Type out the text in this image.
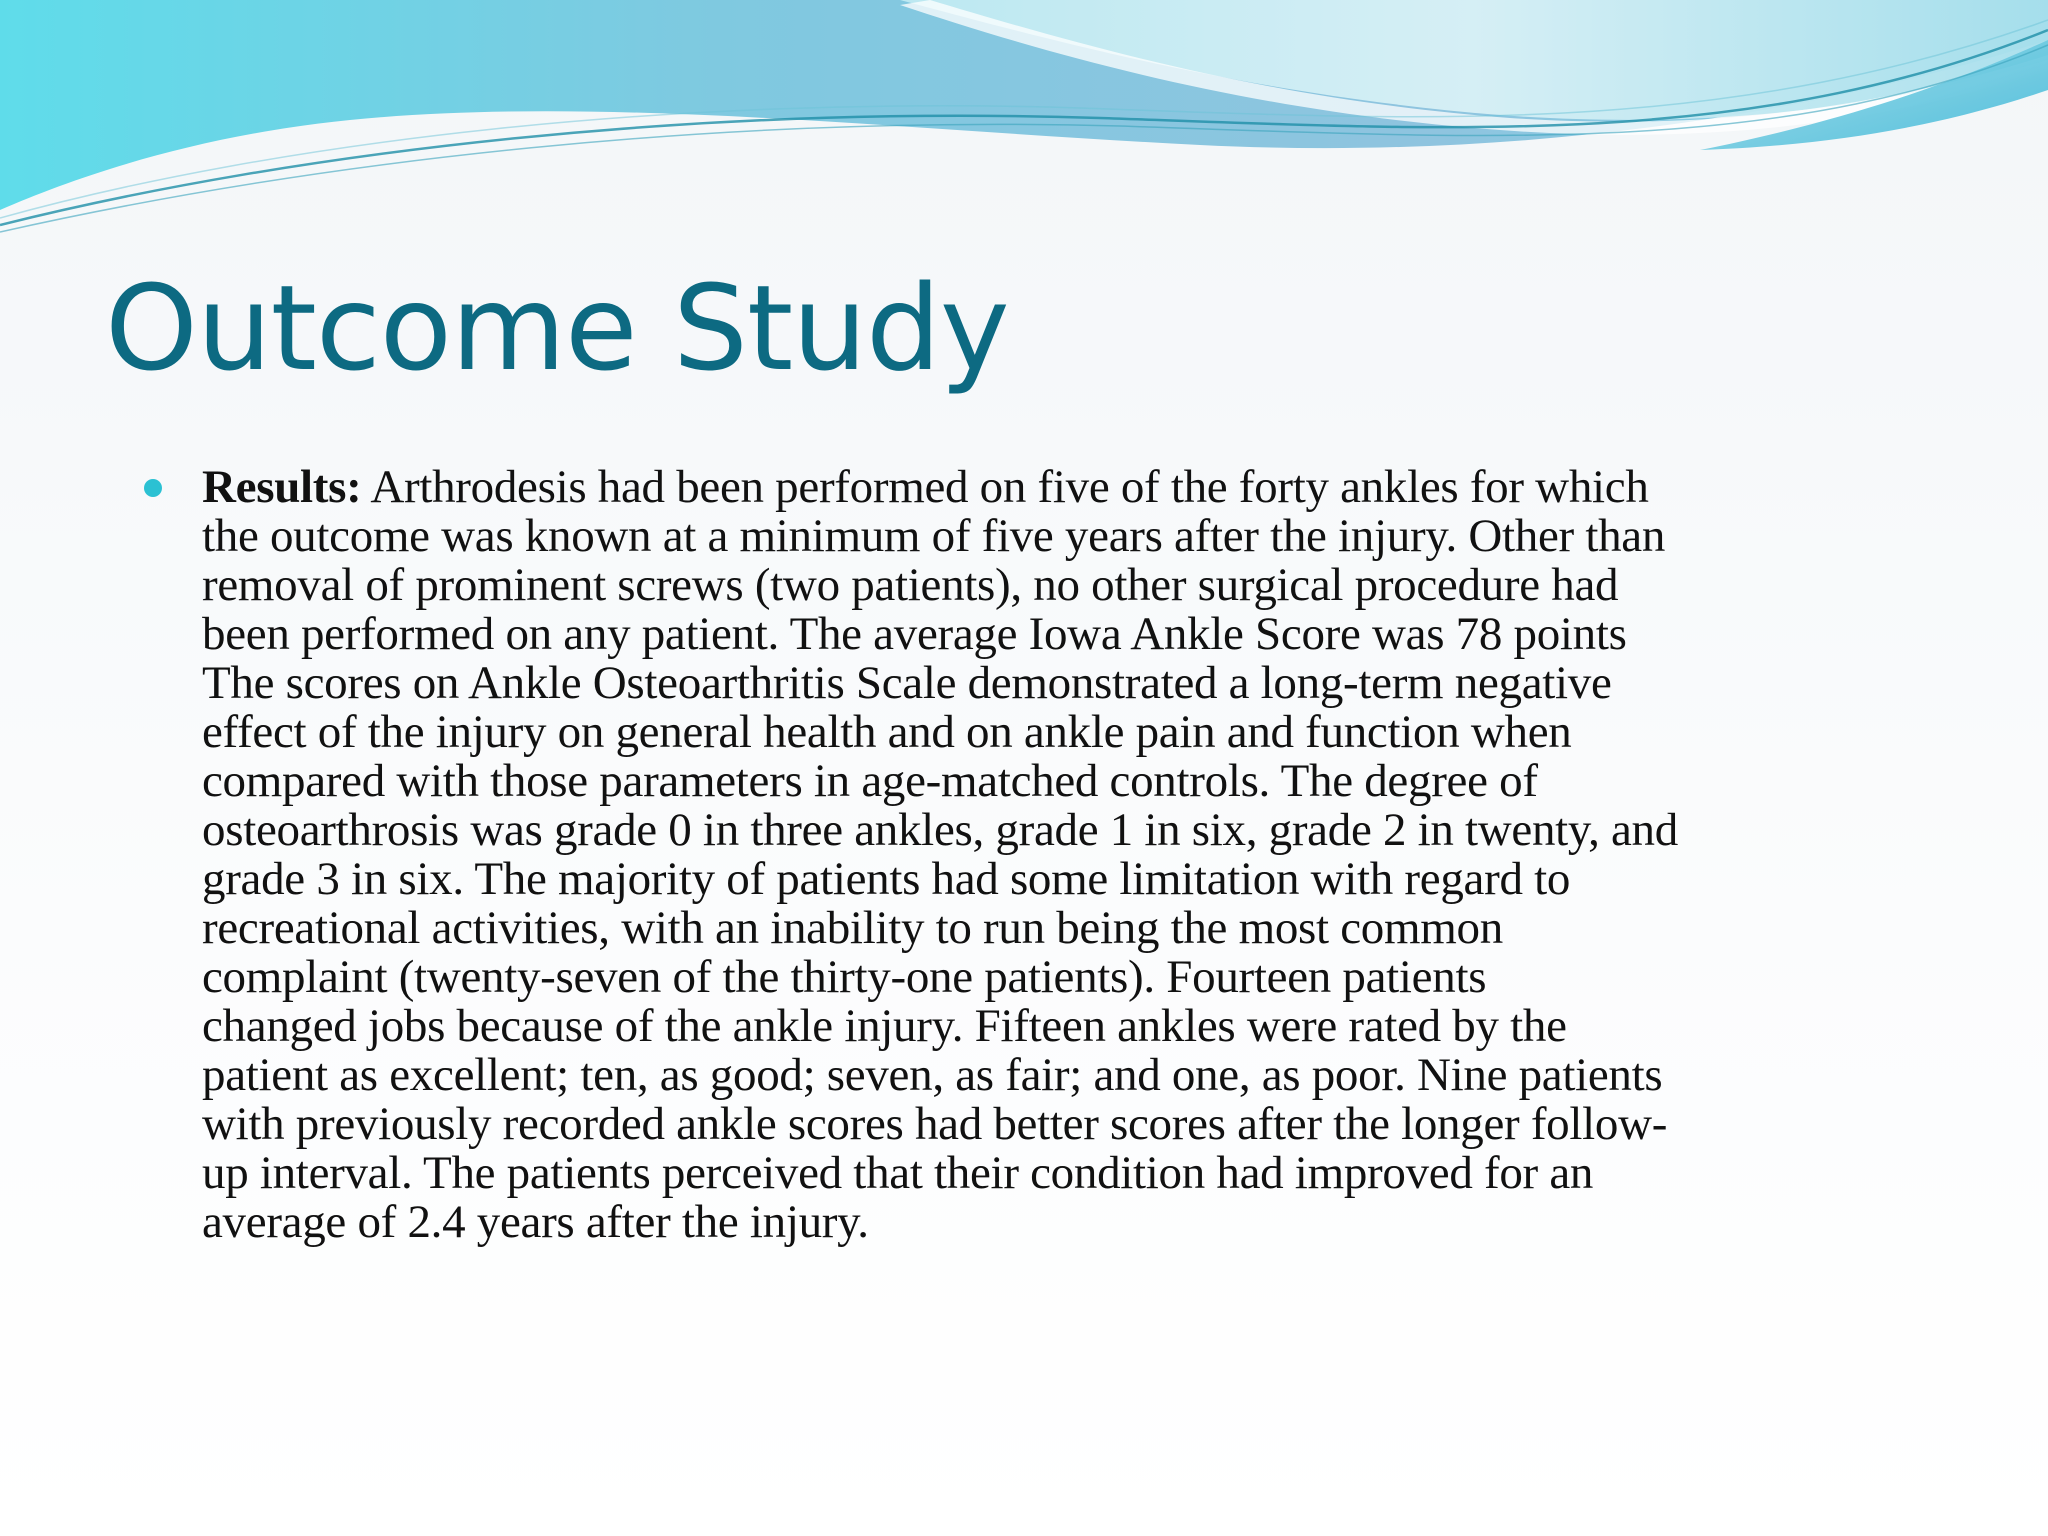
Outcome Study

Results: Arthrodesis had been performed on five of the forty ankles for which
the outcome was known at a minimum of five years after the injury. Other than
removal of prominent screws (two patients), no other surgical procedure had
been performed on any patient. The average Iowa Ankle Score was 78 points
The scores on Ankle Osteoarthritis Scale demonstrated a long-term negative
effect of the injury on general health and on ankle pain and function when
compared with those parameters in age-matched controls. The degree of
osteoarthrosis was grade 0 in three ankles, grade 1 in six, grade 2 in twenty, and
grade 3 in six. The majority of patients had some limitation with regard to
recreational activities, with an inability to run being the most common
complaint (twenty-seven of the thirty-one patients). Fourteen patients
changed jobs because of the ankle injury. Fifteen ankles were rated by the
patient as excellent; ten, as good; seven, as fair; and one, as poor. Nine patients
with previously recorded ankle scores had better scores after the longer follow-
up interval. The patients perceived that their condition had improved for an
average of 2.4 years after the injury.
